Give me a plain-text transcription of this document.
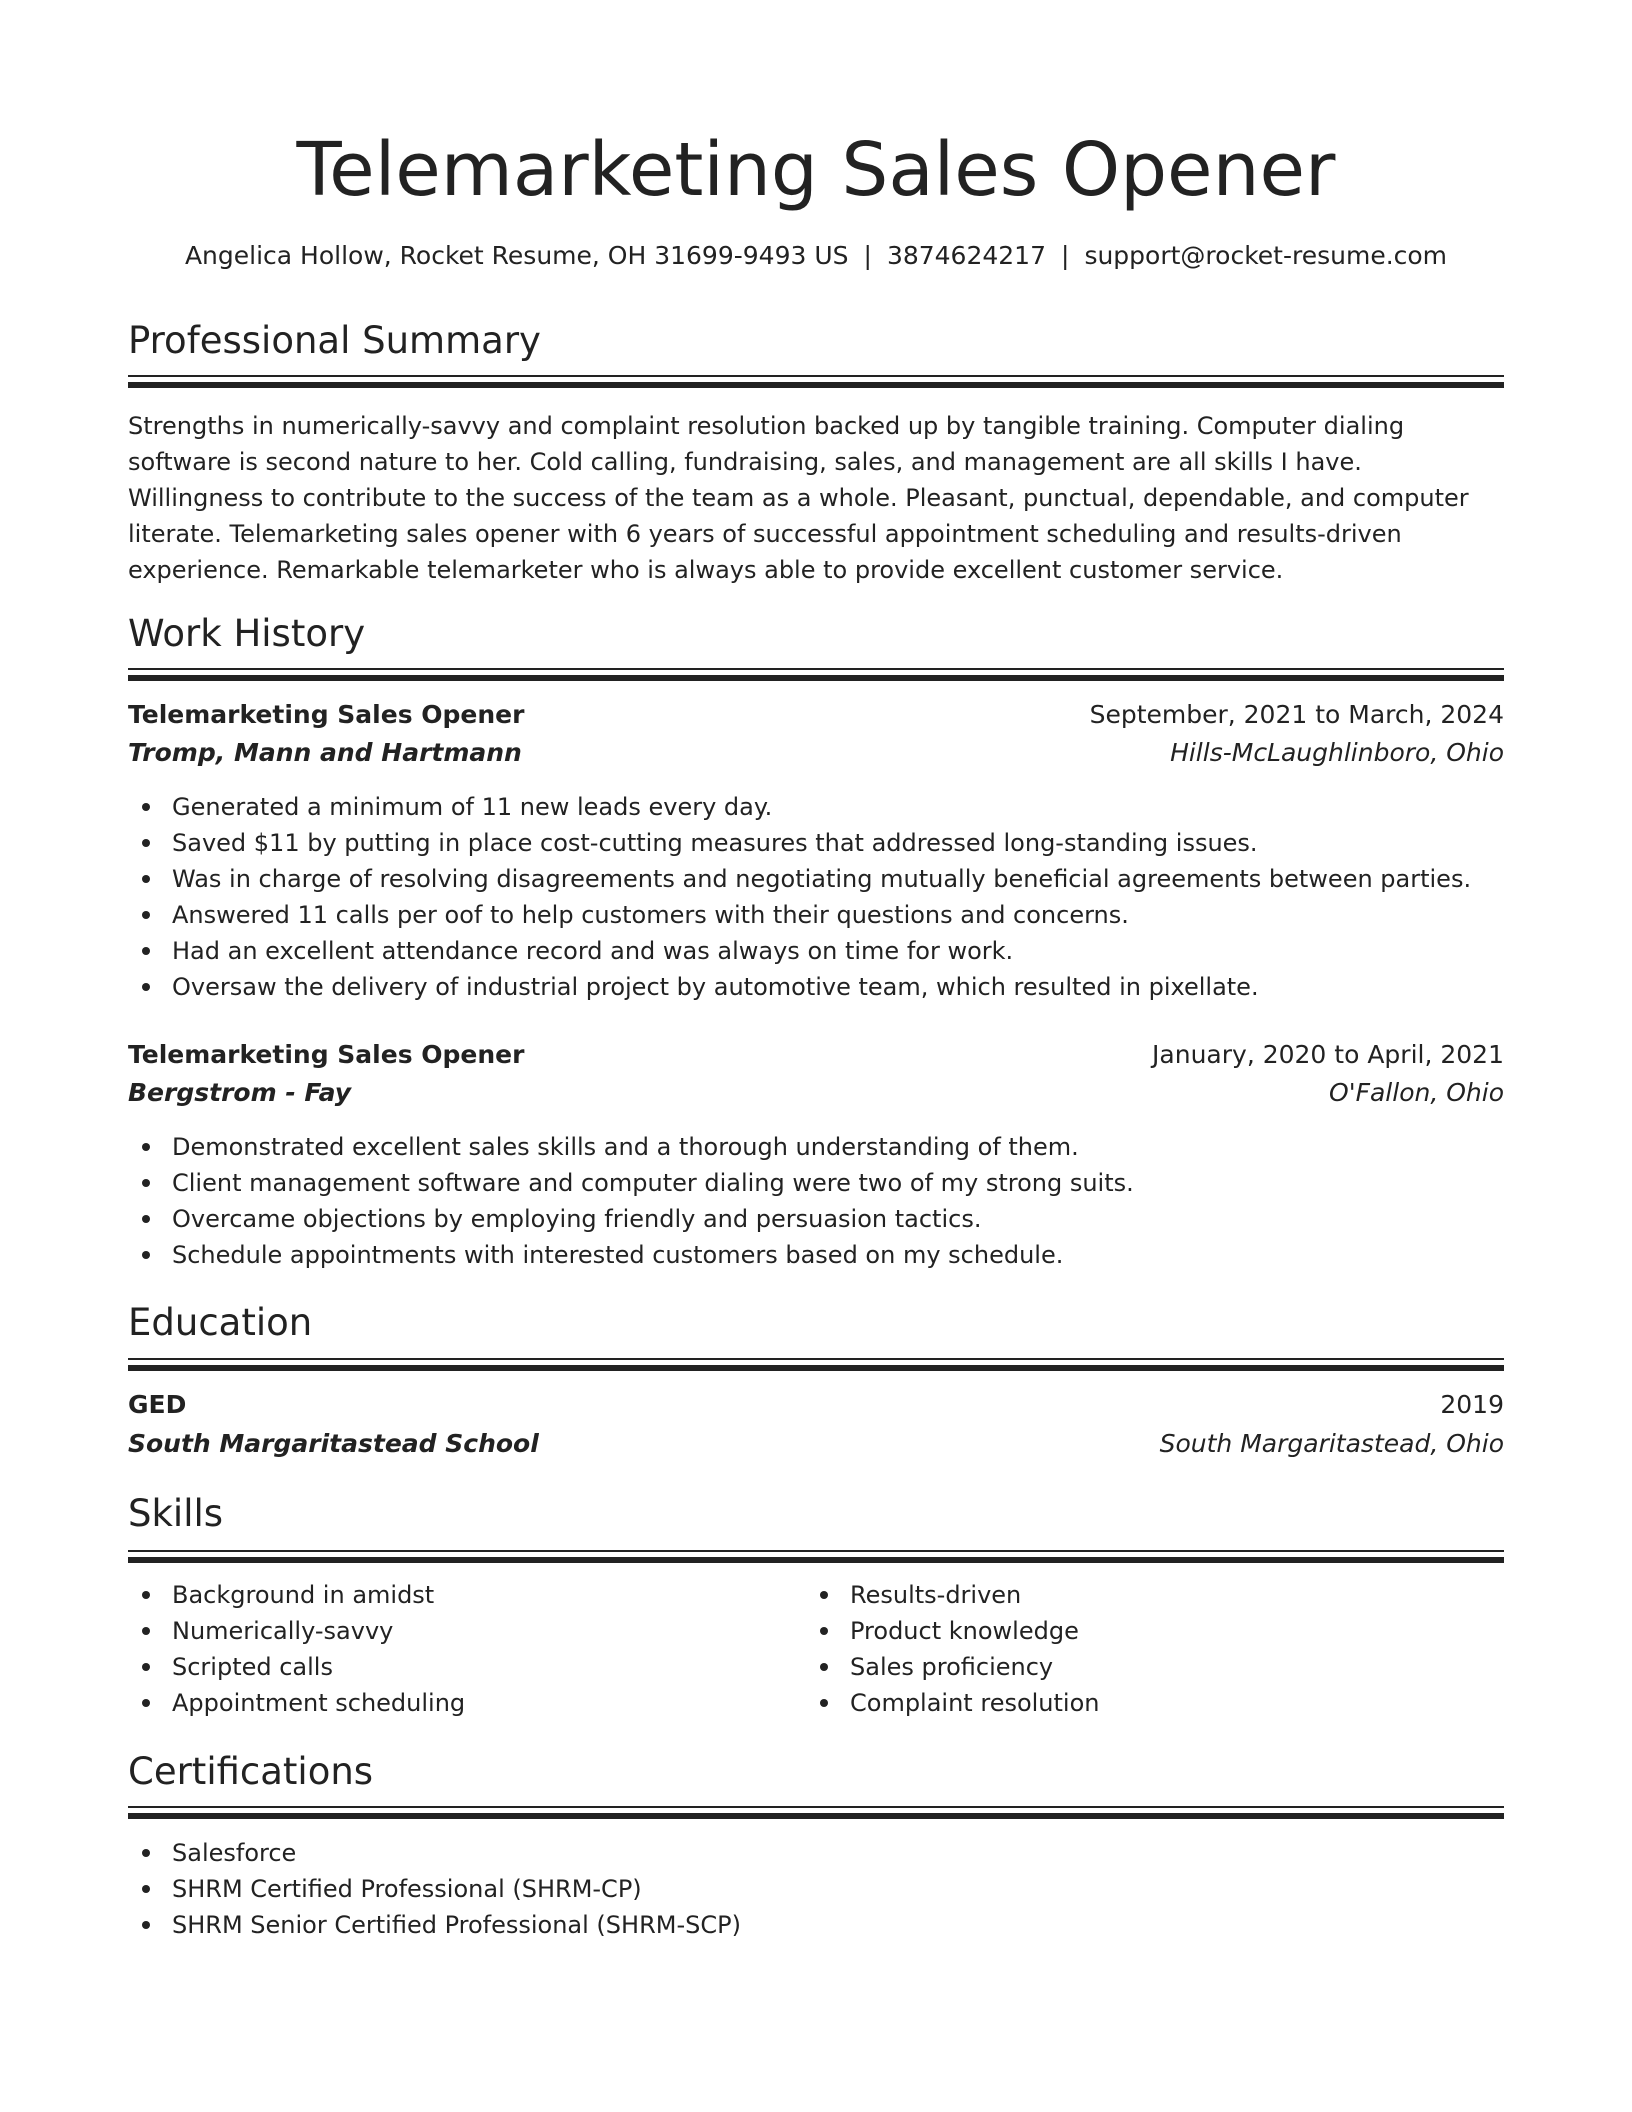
Telemarketing Sales Opener
Angelica Hollow, Rocket Resume, OH 31699-9493 US | 3874624217 | support@rocket-resume.com
Professional Summary

Strengths in numerically-savvy and complaint resolution backed up by tangible training. Computer dialing software is second nature to her. Cold calling, fundraising, sales, and management are all skills I have. Willingness to contribute to the success of the team as a whole. Pleasant, punctual, dependable, and computer literate. Telemarketing sales opener with 6 years of successful appointment scheduling and results-driven experience. Remarkable telemarketer who is always able to provide excellent customer service.

Work History
Telemarketing Sales Opener	September, 2021 to March, 2024
Tromp, Mann and Hartmann	Hills-McLaughlinboro, Ohio
Generated a minimum of 11 new leads every day.
Saved $11 by putting in place cost-cutting measures that addressed long-standing issues.
Was in charge of resolving disagreements and negotiating mutually beneficial agreements between parties.
Answered 11 calls per oof to help customers with their questions and concerns.
Had an excellent attendance record and was always on time for work.
Oversaw the delivery of industrial project by automotive team, which resulted in pixellate.
Telemarketing Sales Opener	January, 2020 to April, 2021
Bergstrom - Fay	O'Fallon, Ohio
Demonstrated excellent sales skills and a thorough understanding of them.
Client management software and computer dialing were two of my strong suits.
Overcame objections by employing friendly and persuasion tactics.
Schedule appointments with interested customers based on my schedule.
Education
GED	2019
South Margaritastead School	South Margaritastead, Ohio
Skills
Background in amidst
Numerically-savvy
Scripted calls
Appointment scheduling
Results-driven
Product knowledge
Sales proficiency
Complaint resolution
Certifications
Salesforce
SHRM Certified Professional (SHRM-CP)
SHRM Senior Certified Professional (SHRM-SCP)
